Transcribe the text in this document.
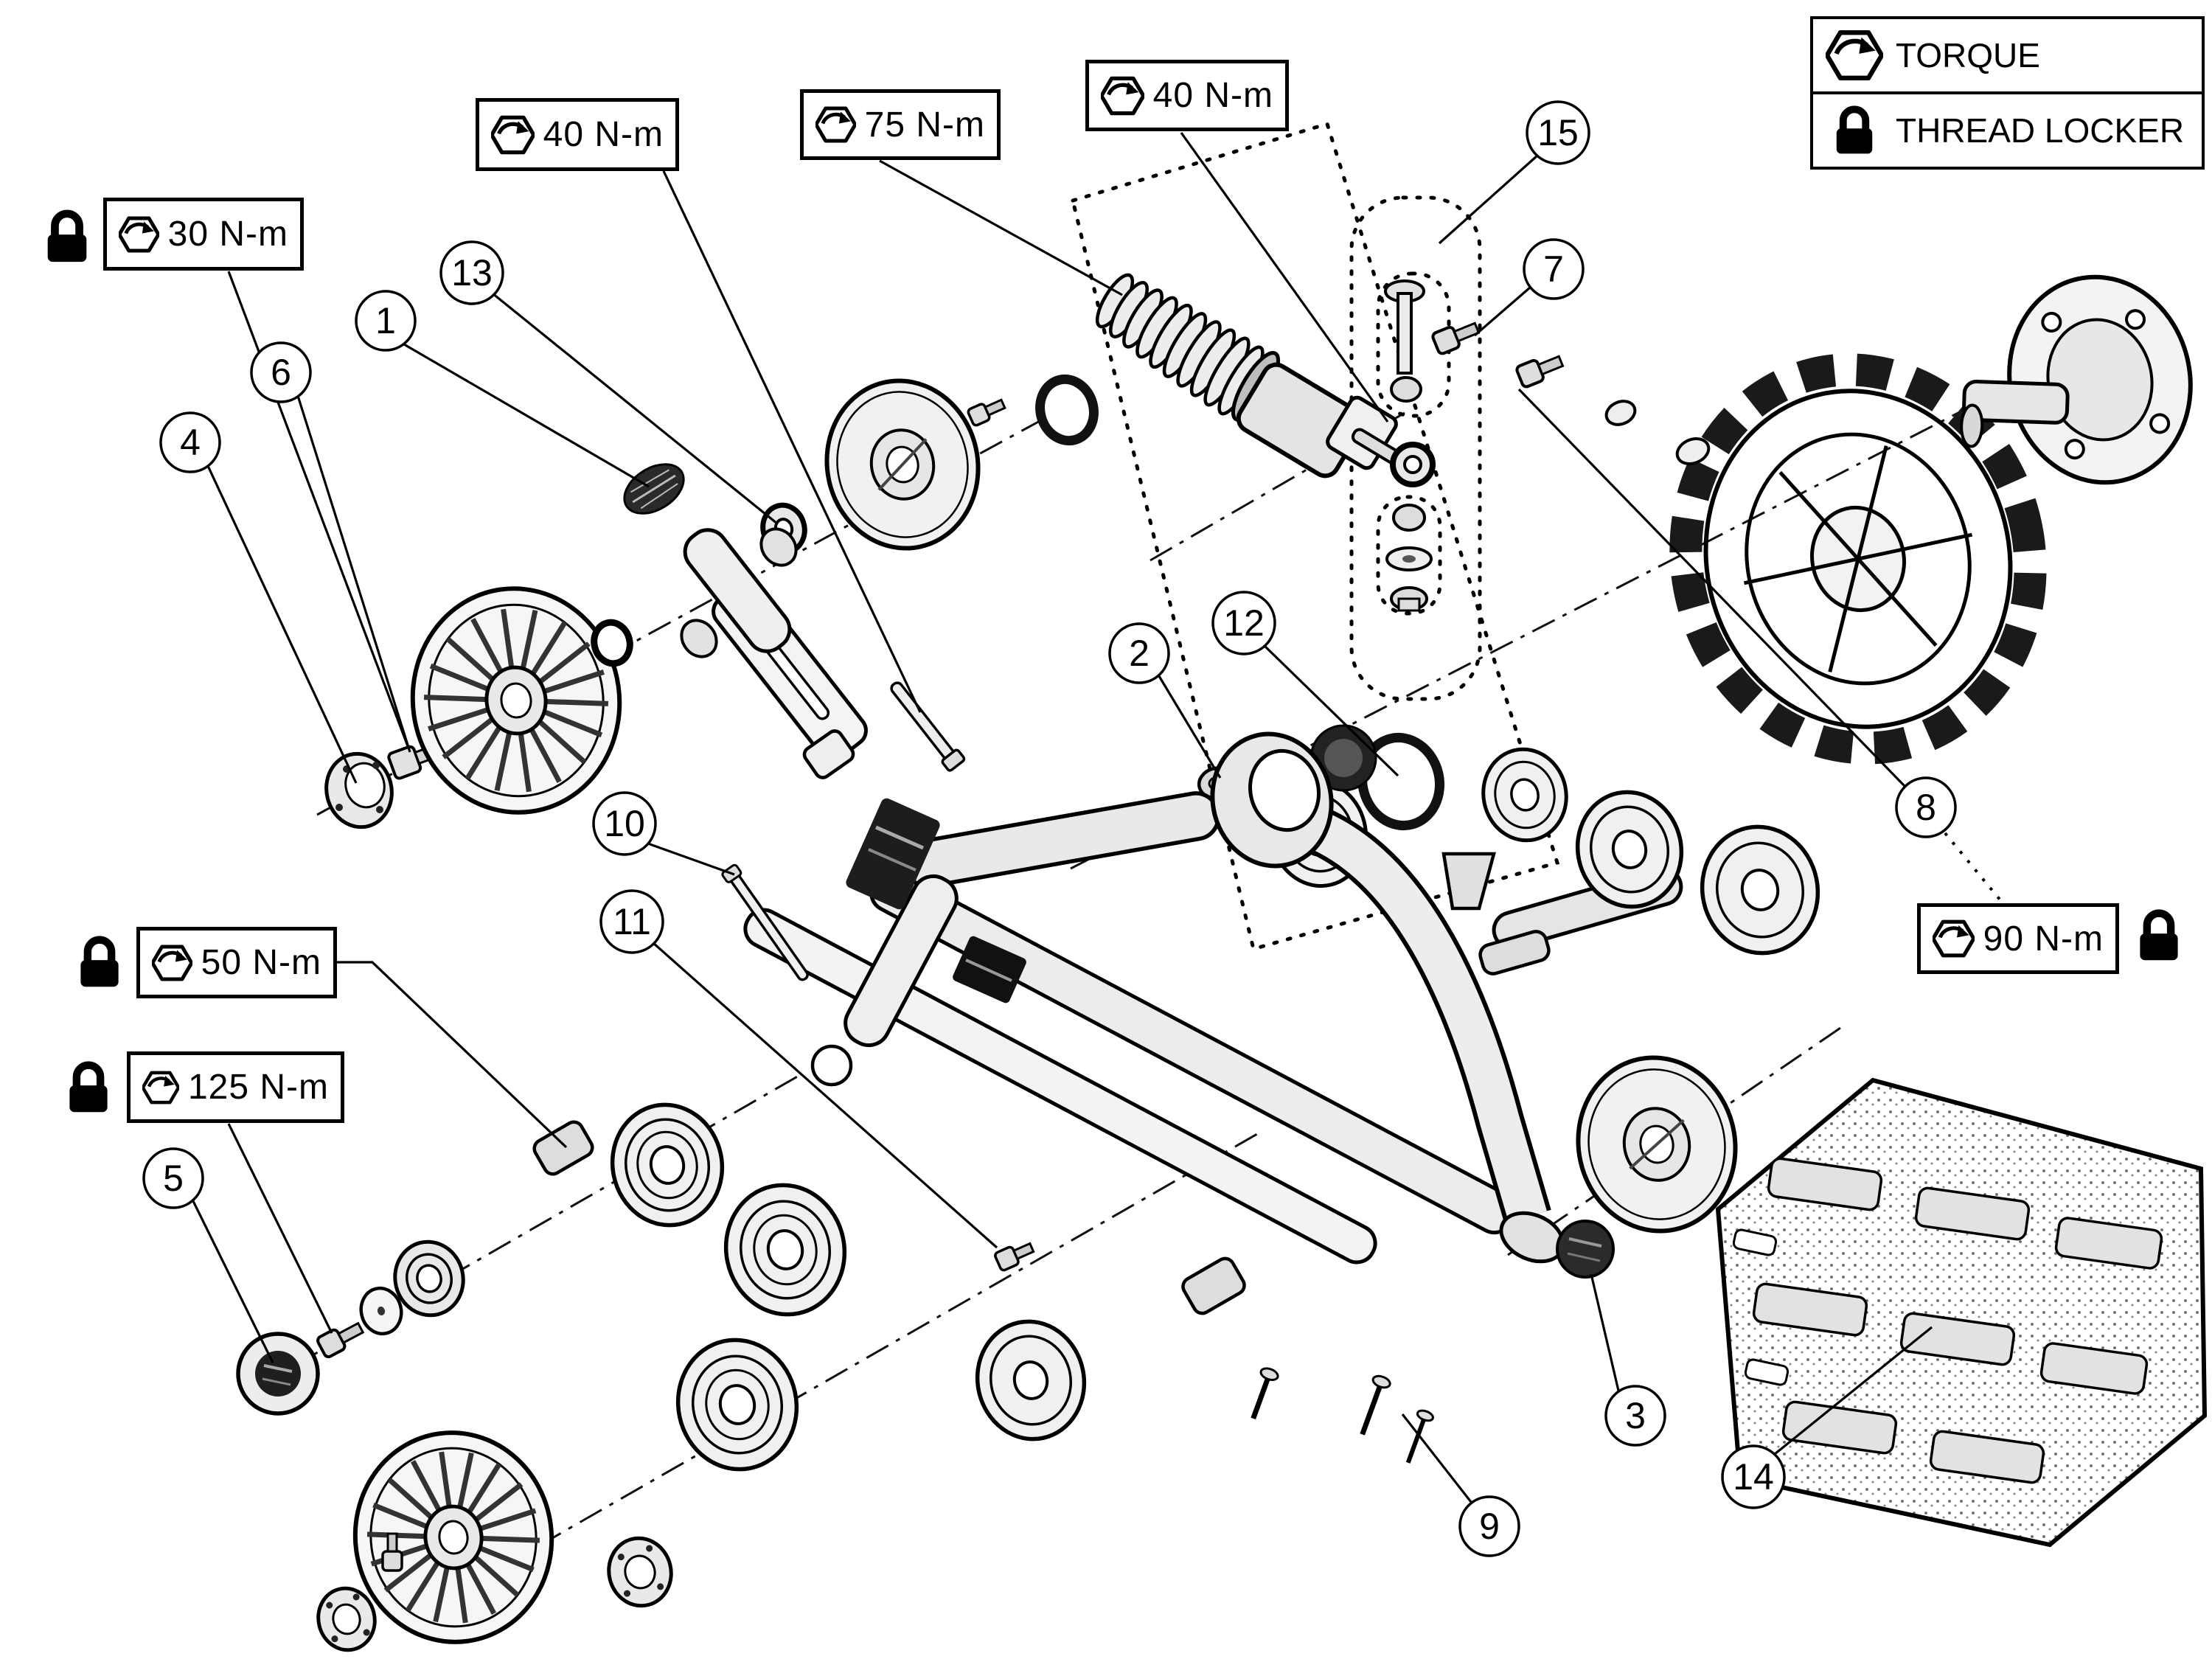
1
2
3
4
5
6
7
8
9
10
11
12
13
14
15
30 N-m
40 N-m	75 N-m
40 N-m
50 N-m
125 N-m
90 N-m
TORQUE
THREAD LOCKER
